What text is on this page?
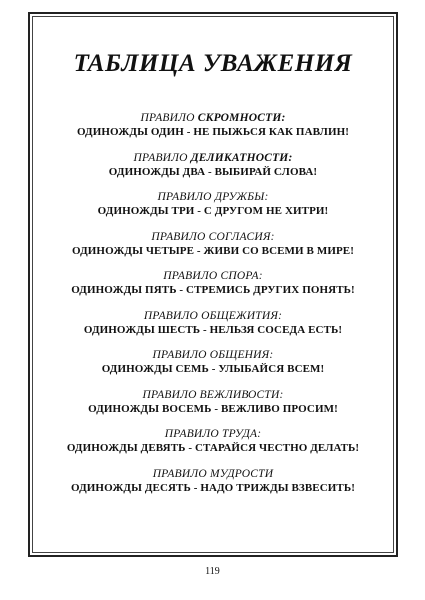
ТАБЛИЦА УВАЖЕНИЯ
ПРАВИЛО СКРОМНОСТИ:
ОДИНОЖДЫ ОДИН - НЕ ПЫЖЬСЯ КАК ПАВЛИН!
ПРАВИЛО ДЕЛИКАТНОСТИ:
ОДИНОЖДЫ ДВА - ВЫБИРАЙ СЛОВА!
ПРАВИЛО ДРУЖБЫ:
ОДИНОЖДЫ ТРИ - С ДРУГОМ НЕ ХИТРИ!
ПРАВИЛО СОГЛАСИЯ:
ОДИНОЖДЫ ЧЕТЫРЕ - ЖИВИ СО ВСЕМИ В МИРЕ!
ПРАВИЛО СПОРА:
ОДИНОЖДЫ ПЯТЬ - СТРЕМИСЬ ДРУГИХ ПОНЯТЬ!
ПРАВИЛО ОБЩЕЖИТИЯ:
ОДИНОЖДЫ ШЕСТЬ - НЕЛЬЗЯ СОСЕДА ЕСТЬ!
ПРАВИЛО ОБЩЕНИЯ:
ОДИНОЖДЫ СЕМЬ - УЛЫБАЙСЯ ВСЕМ!
ПРАВИЛО ВЕЖЛИВОСТИ:
ОДИНОЖДЫ ВОСЕМЬ - ВЕЖЛИВО ПРОСИМ!
ПРАВИЛО ТРУДА:
ОДИНОЖДЫ ДЕВЯТЬ - СТАРАЙСЯ ЧЕСТНО ДЕЛАТЬ!
ПРАВИЛО МУДРОСТИ
ОДИНОЖДЫ ДЕСЯТЬ - НАДО ТРИЖДЫ ВЗВЕСИТЬ!
119
